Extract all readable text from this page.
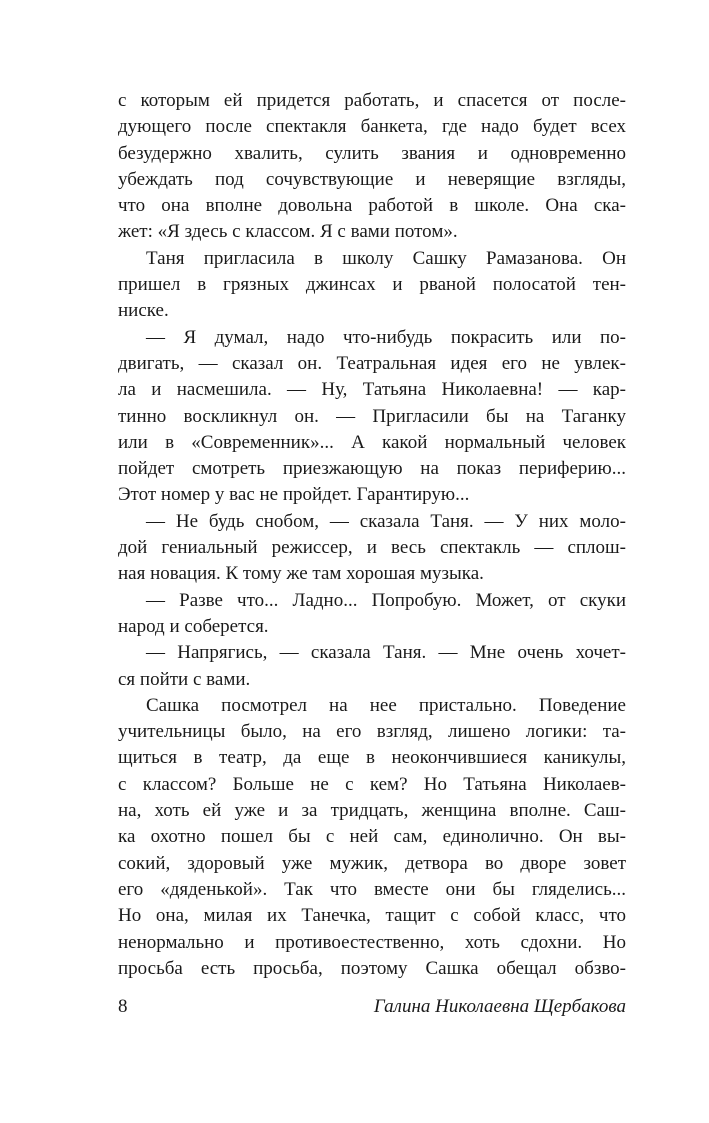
с которым ей придется работать, и спасется от после-
дующего после спектакля банкета, где надо будет всех
безудержно хвалить, сулить звания и одновременно
убеждать под сочувствующие и неверящие взгляды,
что она вполне довольна работой в школе. Она ска-
жет: «Я здесь с классом. Я с вами потом».
Таня пригласила в школу Сашку Рамазанова. Он
пришел в грязных джинсах и рваной полосатой тен-
ниске.
— Я думал, надо что-нибудь покрасить или по-
двигать, — сказал он. Театральная идея его не увлек-
ла и насмешила. — Ну, Татьяна Николаевна! — кар-
тинно воскликнул он. — Пригласили бы на Таганку
или в «Современник»... А какой нормальный человек
пойдет смотреть приезжающую на показ периферию...
Этот номер у вас не пройдет. Гарантирую...
— Не будь снобом, — сказала Таня. — У них моло-
дой гениальный режиссер, и весь спектакль — сплош-
ная новация. К тому же там хорошая музыка.
— Разве что... Ладно... Попробую. Может, от скуки
народ и соберется.
— Напрягись, — сказала Таня. — Мне очень хочет-
ся пойти с вами.
Сашка посмотрел на нее пристально. Поведение
учительницы было, на его взгляд, лишено логики: та-
щиться в театр, да еще в неокончившиеся каникулы,
с классом? Больше не с кем? Но Татьяна Николаев-
на, хоть ей уже и за тридцать, женщина вполне. Саш-
ка охотно пошел бы с ней сам, единолично. Он вы-
сокий, здоровый уже мужик, детвора во дворе зовет
его «дяденькой». Так что вместе они бы гляделись...
Но она, милая их Танечка, тащит с собой класс, что
ненормально и противоестественно, хоть сдохни. Но
просьба есть просьба, поэтому Сашка обещал обзво-
8	Галина Николаевна Щербакова
